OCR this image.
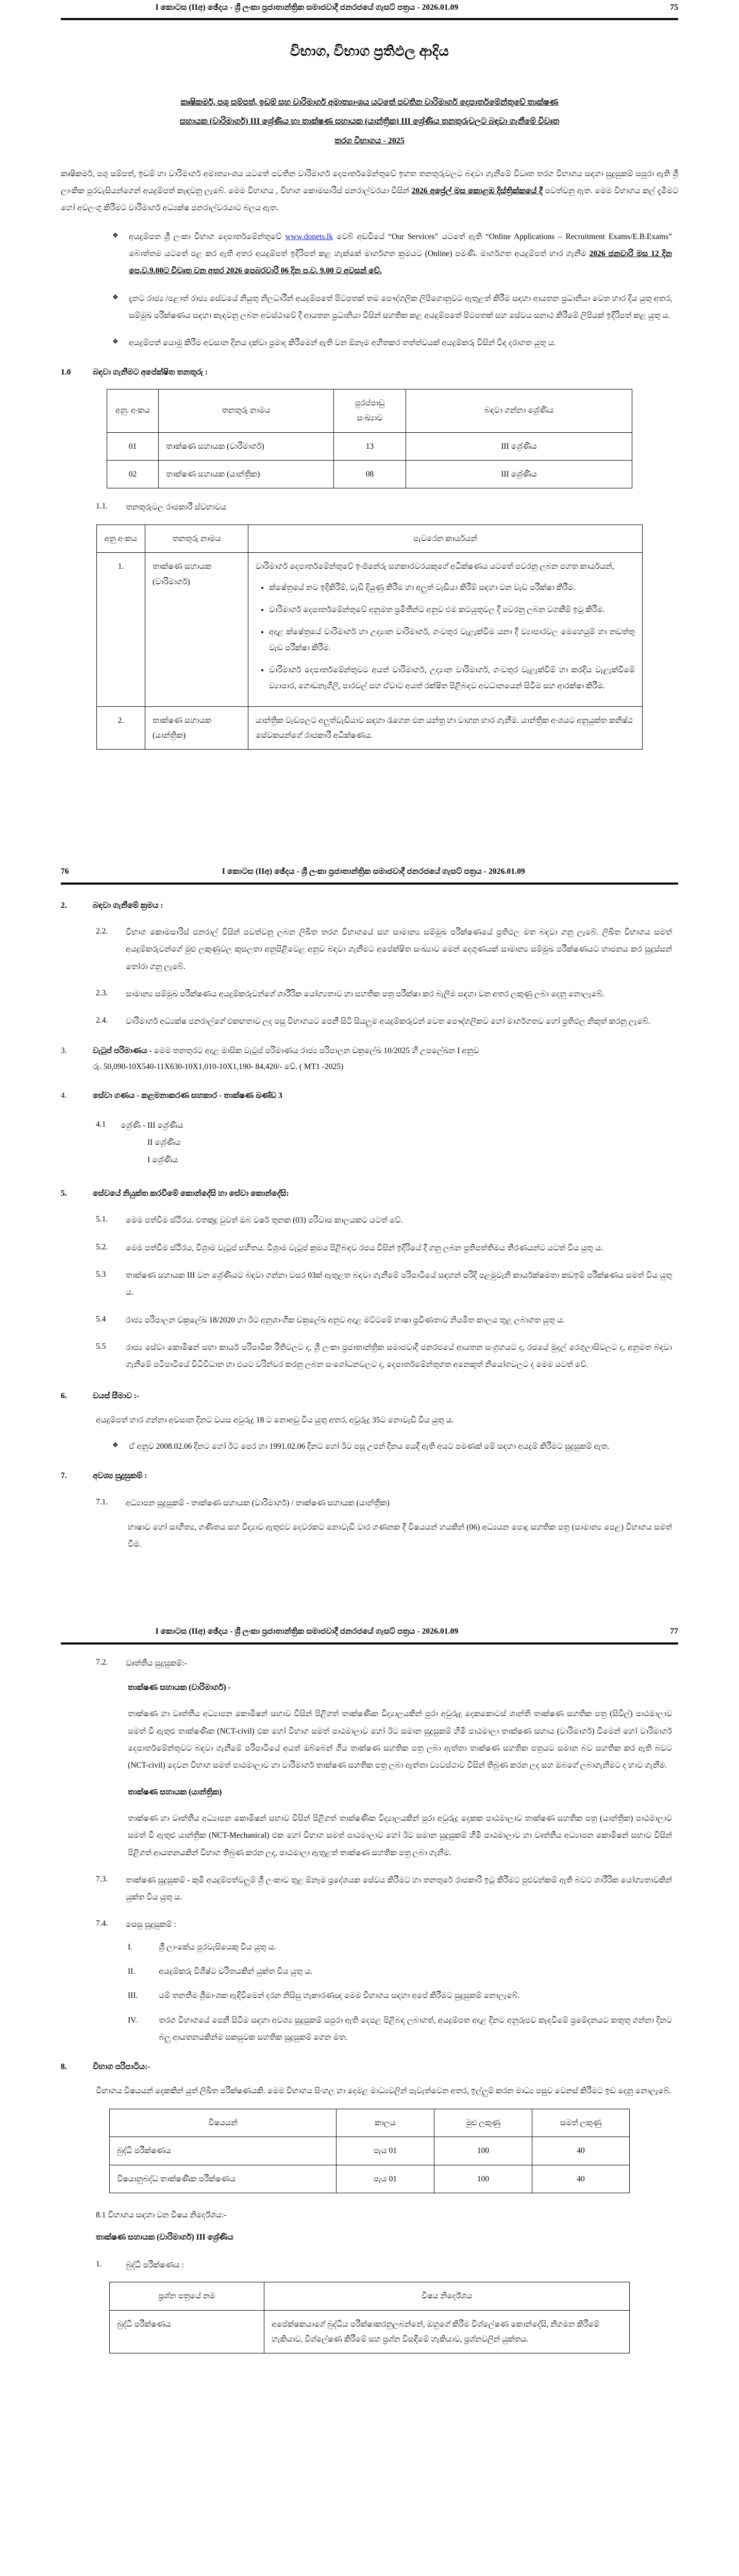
I කොටස (IIඅ) ඡේදය - ශ්‍රී ලංකා ප්‍රජාතාන්ත්‍රික සමාජවාදී ජනරජයේ ගැසට් පත්‍රය - 2026.01.09	75
විභාග, විභාග ප්‍රතිඵල ආදිය
කෘෂිකර්ම, පශු සම්පත්, ඉඩම් සහ වාරිමාර්ග අමාත්‍යාංශය යටතේ පවතින වාරිමාර්ග දෙපාර්තමේන්තුවේ තාක්ෂණ
සහායක (වාරිමාර්ග) III ශ්‍රේණිය හා තාක්ෂණ සහායක (යාන්ත්‍රික) III ශ්‍රේණිය තනතුරුවලට බඳවා ගැනීමේ විවෘත
තරග විභාගය - 2025

කෘෂිකර්ම, පශු සම්පත්, ඉඩම් හා වාරිමාර්ග අමාත්‍යාංශය යටතේ පවතින වාරිමාර්ග දෙපාර්තමේන්තුවේ ඉහත තනතුරුවලට බඳවා ගැනීමේ විවෘත තරග විභාගය සඳහා සුදුසුකම් සපුරා ඇති ශ්‍රී ලාංකික පුරවැසියන්ගෙන් අයදුම්පත් කැඳවනු ලැබේ. මෙම විභාගය , විභාග කොමසාරිස් ජනරාල්වරයා විසින් 2026 අප්‍රේල් මස කොළඹ දිස්ත්‍රික්කයේ දී පවත්වනු ඇත. මෙම විභාගය කල් දැමීමට හෝ අවලංගු කිරීමට වාරිමාර්ග අධ්‍යක්ෂ ජනරාල්වරයාට බලය ඇත.

❖ අයදුම්පත ශ්‍රී ලංකා විභාග දෙපාර්තමේන්තුවේ www.donets.lk වෙබ් අඩවියේ “Our Services” යටතේ ඇති “Online Applications – Recruitment Exams/E.B.Exams” බොත්තම යටතේ පළ කර ඇති අතර අයදුම්පත් ඉදිරිපත් කළ හැක්කේ මාර්ගගත ක්‍රමයට (Online) පමණි. මාර්ගගත අයදුම්පත් භාර ගැනීම 2026 ජනවාරි මස 12 දින පෙ.ව.9.00ට විවෘත වන අතර 2026 පෙබරවාරි 06 දින ප.ව. 9.00 ට අවසන් වේ.
❖ දැනට රාජ්‍ය /පළාත් රාජ්‍ය සේවයේ නියුතු නිලධාරීන් අයදුම්පතේ පිටපතක් තම පෞද්ගලික ලිපිගොනුවට ඇතුළත් කිරීම සඳහා ආයතන ප්‍රධානියා වෙත භාර දිය යුතු අතර, සම්මුඛ පරීක්ෂණය සඳහා කැඳවනු ලබන අවස්ථාවේ දී ආයතන ප්‍රධානියා විසින් සහතික කළ අයදුම්පතේ පිටපතක් සහ සේවය සනාථ කිරීමේ ලිපියක් ඉදිරිපත් කළ යුතු ය.
❖ අයදුම්පත් යොමු කිරීම අවසාන දිනය දක්වා ප්‍රමාද කිරීමෙන් ඇති වන ඕනෑම අහිතකර තත්ත්වයක් අයදුම්කරු විසින් විඳ දරාගත යුතු ය.
1.0	බඳවා ගැනීමට අපේක්ෂිත තනතුරු :
අනු. අංකය	තනතුරු නාමය	පුරප්පාඩු සංඛ්‍යාව	බඳවා ගන්නා ශ්‍රේණිය
01	තාක්ෂණ සහායක (වාරිමාර්ග)	13	III ශ්‍රේණිය
02	තාක්ෂණ සහායක (යාන්ත්‍රික)	08	III ශ්‍රේණිය
1.1.	තනතුරුවල රාජකාරී ස්වභාවය
අනු අංකය	තනතුරු නාමය	පැවරෙන කාර්යයන්
1.	තාක්ෂණ සහායක (වාරිමාර්ග)	
වාරිමාර්ග දෙපාර්තමේන්තුවේ ඉංජිනේරු සහකාරවරයකුගේ අධීක්ෂණය යටතේ පවරනු ලබන පහත කාර්යයන්,
• ක්ෂේත්‍රයේ නව ඉදිකිරීම්, වැඩි දියුණු කිරීම හා අලුත් වැඩියා කිරීම් සඳහා වන වැඩ පරීක්ෂා කිරීම.
• වාරිමාර්ග දෙපාර්තමේන්තුවේ අනුමත ප්‍රමිතීන්ට අනුව එම කටයුතුවල දී පවරනු ලබන වගකීම් ඉටු කිරීම.
• අදාළ ක්ෂේත්‍රයේ වාරිමාර්ග හා උද්‍යාන වාරිමාර්ග, ගංවතුර වැළැක්වීම යනා දී ව්‍යාපාරවල මෙහෙයුම් හා නඩත්තු වැඩ පරීක්ෂා කිරීම.
• වාරිමාර්ග දෙපාර්තමේන්තුවට අයත් වාරිමාර්ග, උද්‍යාන වාරිමාර්ග, ගංවතුර වැළැක්වීම් හා කරදිය වැළැක්වීමේ ව්‍යාපාර, ගොඩනැගිලි, පාරවල් සහ ඒවාට අයත් රක්ෂිත පිළිබඳව අවධානයෙන් සිටීම සහ ආරක්ෂා කිරීම.

2.	තාක්ෂණ සහායක (යාන්ත්‍රික)	යාන්ත්‍රික වැඩපලට අලුත්වැඩියාව සඳහා රැගෙන එන යන්ත්‍ර හා වාහන භාර ගැනීම. යාන්ත්‍රික අංශයට අනුයුක්ත කනිෂ්ඨ සේවකයන්ගේ රාජකාරී අධීක්ෂණය.
76	I කොටස (IIඅ) ඡේදය - ශ්‍රී ලංකා ප්‍රජාතාන්ත්‍රික සමාජවාදී ජනරජයේ ගැසට් පත්‍රය - 2026.01.09
2.	බඳවා ගැනීමේ ක්‍රමය :
2.2.	විභාග කොමසාරිස් ජනරාල් විසින් පවත්වනු ලබන ලිඛිත තරග විභාගයේ සහ සාමාන්‍ය සම්මුඛ පරීක්ෂණයේ ප්‍රතිඵල මත බඳවා ගනු ලැබේ. ලිඛිත විභාගය සමත් අයදුම්කරුවන්ගේ මුළු ලකුණුවල කුසලතා අනුපිළිවෙළ අනුව බඳවා ගැනීමට අපේක්ෂිත සංඛ්‍යාව මෙන් දෙගුණයක් සාමාන්‍ය සම්මුඛ පරීක්ෂණයට භාජනය කර සුදුස්සන් තෝරා ගනු ලැබේ.
2.3.	සාමාන්‍ය සම්මුඛ පරීක්ෂණය අයදුම්කරුවන්ගේ ශාරීරික යෝග්‍යතාව හා සහතික පත්‍ර පරීක්ෂා කර බැලීම සඳහා වන අතර ලකුණු ලබා දෙනු නොලැබේ.
2.4.	වාරිමාර්ග අධ්‍යක්ෂ ජනරාල්ගේ එකඟතාව ලද පසු විභාගයට පෙනී සිටි සියලුම අයදුම්කරුවන් වෙත පෞද්ගලිකව හෝ මාර්ගගතව හෝ ප්‍රතිඵල නිකුත් කරනු ලැබේ.
3.	වැටුප් පරිමාණය - මෙම තනතුරට අදාළ මාසික වැටුප් පරිමාණය රාජ්‍ය පරිපාලන චක්‍රලේඛ 10/2025 හි උපලේඛන I අනුව
රු. 50,090-10X540-11X630-10X1,010-10X1,190- 84,420/- වේ. ( MT1 -2025)
4.	සේවා ගණය - කළමනාකරණ සහකාර - තාක්ෂණ ඛණ්ඩ 3
4.1	ශ්‍රේණි - III ශ්‍රේණිය
II ශ්‍රේණිය
I ශ්‍රේණිය
5.	සේවයේ නියුක්ත කරවීමේ කොන්දේසි හා සේවා කොන්දේසි:
5.1.	මෙම පත්වීම ස්ථිරය. එතකුදු වුවත් ඔබ වර්ෂ තුනක (03) පරිවාස කාලයකට යටත් වේ.
5.2.	මෙම පත්වීම ස්ථිරය, විශ්‍රාම වැටුප් සහිතය. විශ්‍රාම වැටුප් ක්‍රමය පිළිබඳව රජය විසින් ඉදිරියේ දී ගනු ලබන ප්‍රතිපත්තිමය තීරණයන්ට යටත් විය යුතු ය.
5.3	තාක්ෂණ සහායක III වන ශ්‍රේණියට බඳවා ගන්නා වසර 03ක් ඇතුළත බඳවා ගැනීමේ පරිපාටියේ සඳහන් පරිදි පළමුවැනි කාර්යක්ෂමතා කඩඉම් පරීක්ෂණය සමත් විය යුතු ය.
5.4	රාජ්‍ය පරිපාලන චක්‍රලේඛ 18/2020 හා ඊට අනුශාංගික චක්‍රලේඛ අනුව අදාළ මට්ටමේ භාෂා ප්‍රවීණතාව නියමිත කාලය තුළ ලබාගත යුතු ය.
5.5	රාජ්‍ය සේවා කොමිෂන් සභා කාර්ය පරිපාටික රීතිවලට ද, ශ්‍රී ලංකා ප්‍රජාතාන්ත්‍රික සමාජවාදී ජනරජයේ ආයතන සංග්‍රහයට ද, රජයේ මුදල් රෙගුලාසිවලට ද, අනුමත බඳවා ගැනීමේ පටිපාටියේ විධිවිධාන හා එයට වරින්වර කරනු ලබන සංශෝධනවලට ද, දෙපාර්තමේන්තුගත අනෙකුත් නියෝගවලට ද මෙම යටත් වේ.
6.	වයස් සීමාව :-
අයදුම්පත් භාර ගන්නා අවසාන දිනට වයස අවුරුදු 18 ට නොඅඩු විය යුතු අතර, අවුරුදු 35ට නොවැඩි විය යුතු ය.
❖ ඒ අනුව 2008.02.06 දිනට හෝ ඊට පෙර හා 1991.02.06 දිනට හෝ ඊට පසු උපන් දිනය යෙදී ඇති අයට පමණක් මේ සඳහා අයදුම් කිරීමට සුදුසුකම් ඇත.
7.	අවශ්‍ය සුදුසුකම් :
7.1.	අධ්‍යාපන සුදුසුකම් - තාක්ෂණ සහායක (වාරිමාර්ග) / තාක්ෂණ සහායක (යාන්ත්‍රික)
භාෂාව හෝ සාහිත්‍ය, ගණිතය සහ විද්‍යාව ඇතුළුව දෙවරකට නොවැඩි වාර ගණනක දී විෂයයන් හයකින් (06) අධ්‍යයන පොදු සහතික පත්‍ර (සාමාන්‍ය පෙළ) විභාගය සමත් වීම.
I කොටස (IIඅ) ඡේදය - ශ්‍රී ලංකා ප්‍රජාතාන්ත්‍රික සමාජවාදී ජනරජයේ ගැසට් පත්‍රය - 2026.01.09	77
7.2.	වෘත්තීය සුදුසුකම්:-
තාක්ෂණ සහායක (වාරිමාර්ග) -
තාක්ෂණ හා වෘත්තීය අධ්‍යාපන කොමිෂන් සභාව විසින් පිළිගත් තාක්ෂණික විද්‍යාලයකින් පුරා අවුරුදු දෙකකොටස් ශාන්ති තාක්ෂණ සහතික පත්‍ර (සිවිල්) පාඨමාලාව සමත් වී ඇතුළු තාක්ෂණික (NCT-civil) එක හෝ විභාග සමත් පාඨමාලාව හෝ ඊට සමාන සුදුසුකම් හිමි පාඨමාලා තාක්ෂණ සහාය (වාරිමාර්ග) වීමෙන් හෝ වාරිමාර්ග දෙපාර්තමේන්තුවට බඳවා ගැනීමේ පරිපාටියේ අයත් ඔබ්බෙන් ගිය තාක්ෂණ සහතික පත්‍ර ලබා ඇත්තා තාක්ෂණ සහතික පත්‍රයට සමාන බව සහතික කර ඇති බවට (NCT-civil) දෙවන විභාග සමත් පාඨමාලාව හා වාරිමාර්ග තාක්ෂණ සහතික පත්‍ර ලබා ඇත්තා ව්‍යවස්ථාව විසින් තිබුණ කරන ලද සහ ඔබගේ ලබාගැනීමට ද භාව ගැනීම.
තාක්ෂණ සහායක (යාන්ත්‍රික)
තාක්ෂණ හා වෘත්තීය අධ්‍යාපන කොමිෂන් සභාව විසින් පිළිගත් තාක්ෂණික විද්‍යාලයකින් පුරා අවුරුදු දෙකක පාඨමාලාව තාක්ෂණ සහතික පත්‍ර (යාන්ත්‍රික) පාඨමාලාව සමත් වී ඇතුළු යාන්ත්‍රික (NCT-Mechanical) එක හෝ විභාග සමත් පාඨමාලාව හෝ ඊට සමාන සුදුසුකම් හිමි පාඨමාලාව හා වෘත්තීය අධ්‍යාපන කොමිෂන් සභාව විසින් පිළිගත් ආයතනයකින් විභාග තිබුණ කරන ලද, පාඨමාලා ඇතුළත් තාක්ෂණ සහතික පත්‍ර ලබා ගැනීම.
7.3.	තාක්ෂණ සුදුසුකම් - කුමි අයදුම්පත්වලුම් ශ්‍රී ලංකාව තුළ ඕනෑම ප්‍රදේශයක සේවය කිරීමට හා තනතුරේ රාජකාරි ඉටු කිරීමට පුළුවන්කම් ඇති බවට ශාරීරික යෝග්‍යතාවකින් යුක්ත විය යුතු ය.
7.4.	සෙසු සුදුසුකම් :
I.	ශ්‍රී ලාංකේය පුරවැසියෙකු විය යුතු ය.
II.	අයදුම්කරු විශිෂ්ට චරිතයකින් යුක්ත විය යුතු ය.
III.	යම් තනතීම ශ්‍රීමාංශක ඇඳිවීමෙන් දරන නිසිසු හැකාරණඥ මෙම විභාගය සඳහා අපේ කිරීමට සුදුසුකම් නොලැබේ.
IV.	තරග විභාගයේ පෙනී සිටීම සඳහා අවශ්‍ය සුදුසුකම් සපුරා ඇති දෙපළ පිළිබඳ ලබාගත්, අයදුම්පත අදාළ දිනට අනුරූපව කැඳවීමේ ප්‍රමේදනයට කතුතු ගන්නා දිනට බලු ආයතනයකින්ම සකසුවක සහතික සුදුසුකම් ගෙන මත.
8.	විභාග පරිපාටිය:-
විභාගය විෂයයන් දෙකකින් යුත් ලිඛිත පරීක්ෂණයකි. මෙම විභාගය සිංහල හා දෙමළ මාධ්‍යවලින් පැවැත්වෙන අතර, ඉල්ලුම් කරන මාධ්‍ය පසුව වෙනස් කිරීමට ඉඩ දෙනු නොලැබේ.
විෂයයන්	කාලය	මුළු ලකුණු	සමත් ලකුණු
බුද්ධි පරීක්ෂණය	පැය 01	100	40
විෂයානුබද්ධ තාක්ෂණික පරීක්ෂණය	පැය 01	100	40
8.1 විභාගය සඳහා වන විෂය නිර්දේශය:-
තාක්ෂණ සහායක (වාරිමාර්ග) III ශ්‍රේණිය
1.	බුද්ධි පරීක්ෂණය :
ප්‍රශ්න පත්‍රයේ නම	විෂය නිර්දේශය
බුද්ධි පරීක්ෂණය	අපේක්ෂකයාගේ බුද්ධිය පරීක්ෂාකරනුලබන්නේ, ඔහුගේ කිරීම විශ්ලේෂණ කොන්දේසි, නිගමන කිරීමේ හැකියාව, විශ්ලේෂණ කිරීමේ සහ ප්‍රශ්න විසඳීමේ හැකියාව, ප්‍රශ්නවලින් යුක්තය.
